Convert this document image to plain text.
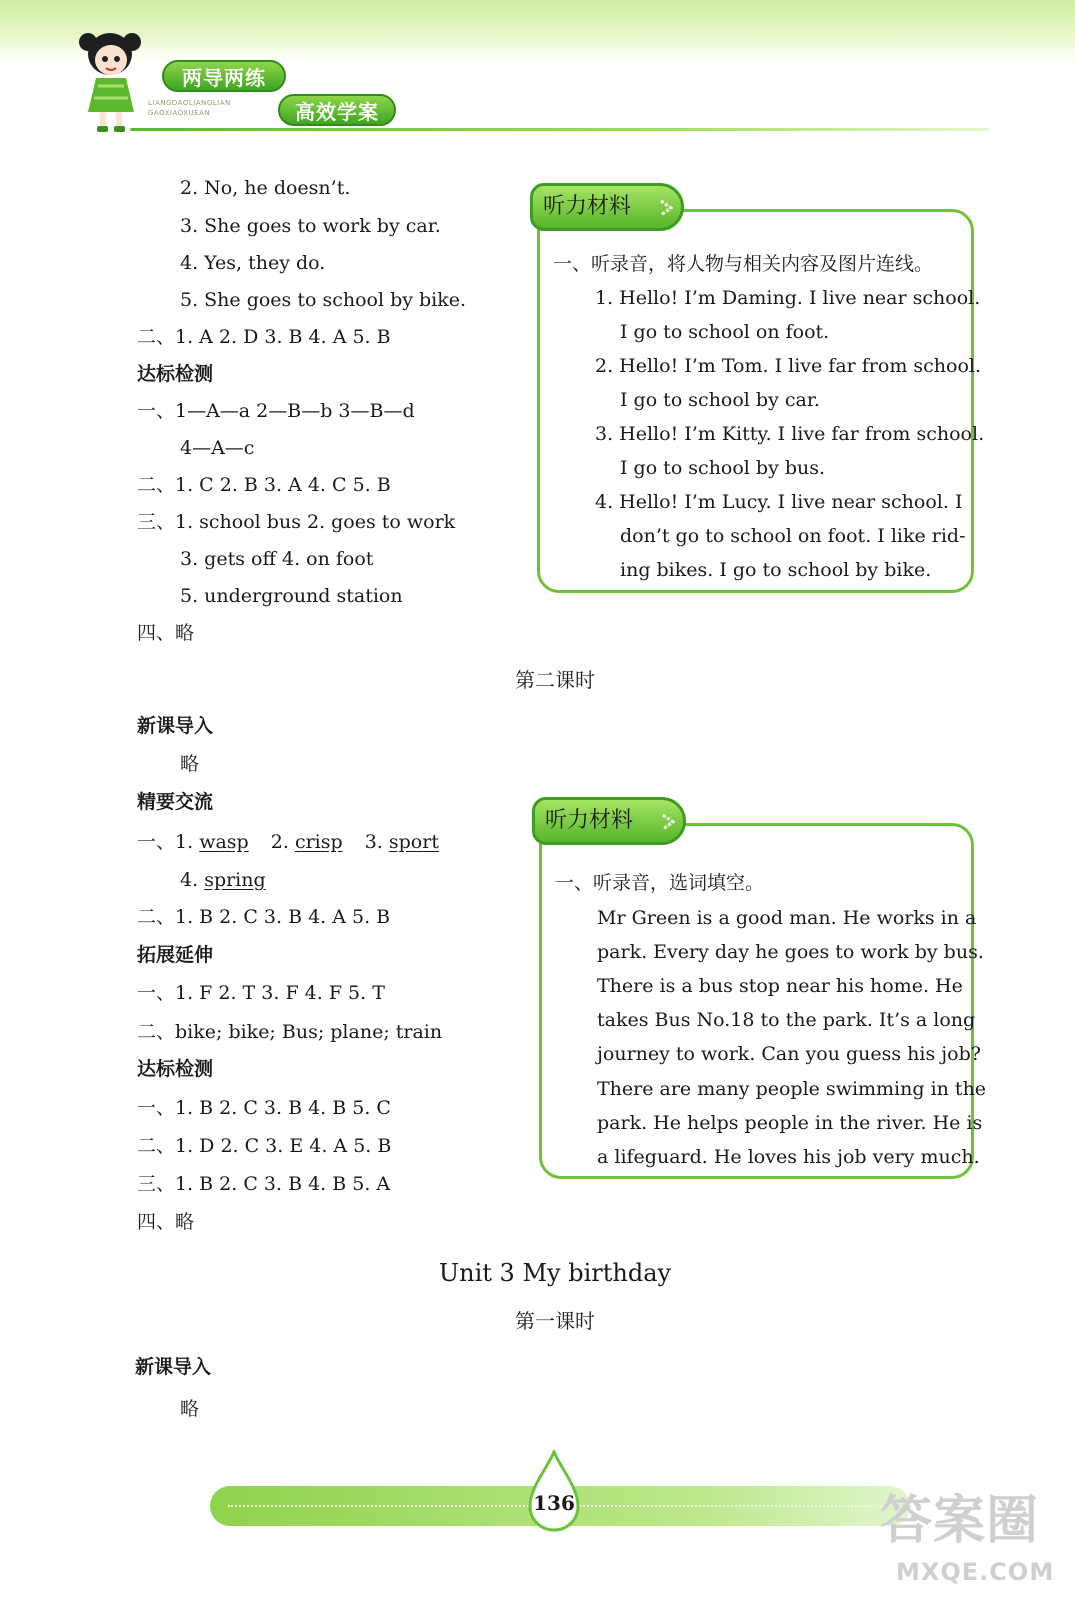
两导两练
高效学案
LIANGDAOLIANGLIAN
GAOXIAOXUEAN
2. No, he doesn’t.
3. She goes to work by car.
4. Yes, they do.
5. She goes to school by bike.
二、1. A 2. D 3. B 4. A 5. B
达标检测
一、1—A—a 2—B—b 3—B—d
4—A—c
二、1. C 2. B 3. A 4. C 5. B
三、1. school bus 2. goes to work
3. gets off 4. on foot
5. underground station
四、略
听力材料
一、听录音，将人物与相关内容及图片连线。
1. Hello! I’m Daming. I live near school.
I go to school on foot.
2. Hello! I’m Tom. I live far from school.
I go to school by car.
3. Hello! I’m Kitty. I live far from school.
I go to school by bus.
4. Hello! I’m Lucy. I live near school. I
don’t go to school on foot. I like rid-
ing bikes. I go to school by bike.
第二课时
新课导入
略
精要交流
一、1. wasp 2. crisp 3. sport
4. spring
二、1. B 2. C 3. B 4. A 5. B
拓展延伸
一、1. F 2. T 3. F 4. F 5. T
二、bike; bike; Bus; plane; train
达标检测
一、1. B 2. C 3. B 4. B 5. C
二、1. D 2. C 3. E 4. A 5. B
三、1. B 2. C 3. B 4. B 5. A
四、略
听力材料
一、听录音，选词填空。
Mr Green is a good man. He works in a
park. Every day he goes to work by bus.
There is a bus stop near his home. He
takes Bus No.18 to the park. It’s a long
journey to work. Can you guess his job?
There are many people swimming in the
park. He helps people in the river. He is
a lifeguard. He loves his job very much.
Unit 3 My birthday
第一课时
新课导入
略
136	答案圈
MXQE.COM
